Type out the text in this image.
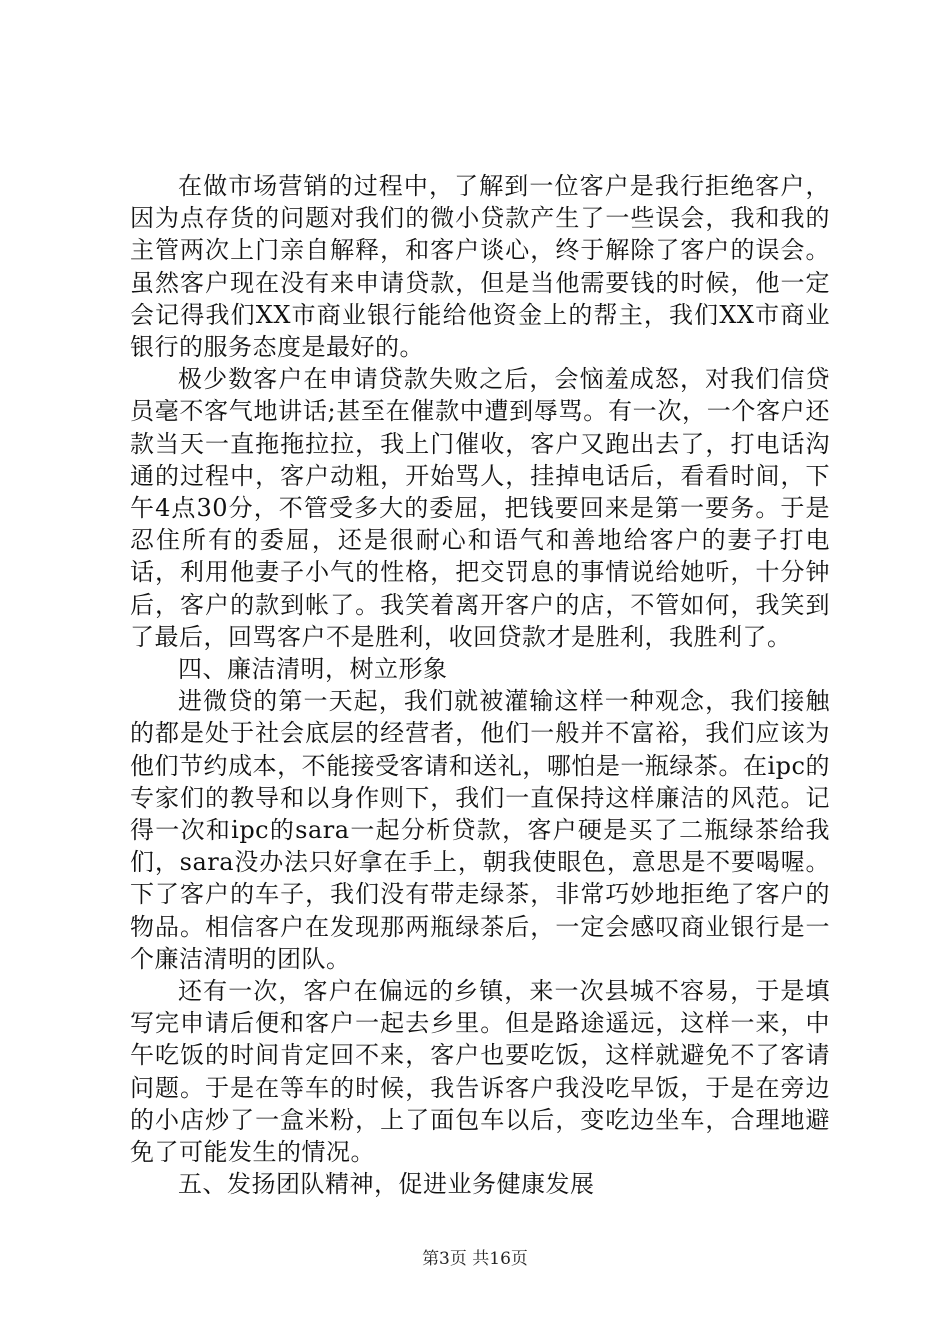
在做市场营销的过程中，了解到一位客户是我行拒绝客户，因为点存货的问题对我们的微小贷款产生了一些误会，我和我的主管两次上门亲自解释，和客户谈心，终于解除了客户的误会。虽然客户现在没有来申请贷款，但是当他需要钱的时候，他一定会记得我们XX市商业银行能给他资金上的帮主，我们XX市商业银行的服务态度是最好的。

极少数客户在申请贷款失败之后，会恼羞成怒，对我们信贷员毫不客气地讲话;甚至在催款中遭到辱骂。有一次，一个客户还款当天一直拖拖拉拉，我上门催收，客户又跑出去了，打电话沟通的过程中，客户动粗，开始骂人，挂掉电话后，看看时间，下午4点30分，不管受多大的委屈，把钱要回来是第一要务。于是忍住所有的委屈，还是很耐心和语气和善地给客户的妻子打电话，利用他妻子小气的性格，把交罚息的事情说给她听，十分钟后，客户的款到帐了。我笑着离开客户的店，不管如何，我笑到了最后，回骂客户不是胜利，收回贷款才是胜利，我胜利了。

四、廉洁清明，树立形象

进微贷的第一天起，我们就被灌输这样一种观念，我们接触的都是处于社会底层的经营者，他们一般并不富裕，我们应该为他们节约成本，不能接受客请和送礼，哪怕是一瓶绿茶。在ipc的专家们的教导和以身作则下，我们一直保持这样廉洁的风范。记得一次和ipc的sara一起分析贷款，客户硬是买了二瓶绿茶给我们，sara没办法只好拿在手上，朝我使眼色，意思是不要喝喔。下了客户的车子，我们没有带走绿茶，非常巧妙地拒绝了客户的物品。相信客户在发现那两瓶绿茶后，一定会感叹商业银行是一个廉洁清明的团队。

还有一次，客户在偏远的乡镇，来一次县城不容易，于是填写完申请后便和客户一起去乡里。但是路途遥远，这样一来，中午吃饭的时间肯定回不来，客户也要吃饭，这样就避免不了客请问题。于是在等车的时候，我告诉客户我没吃早饭，于是在旁边的小店炒了一盒米粉，上了面包车以后，变吃边坐车，合理地避免了可能发生的情况。

五、发扬团队精神，促进业务健康发展

第3页 共16页
